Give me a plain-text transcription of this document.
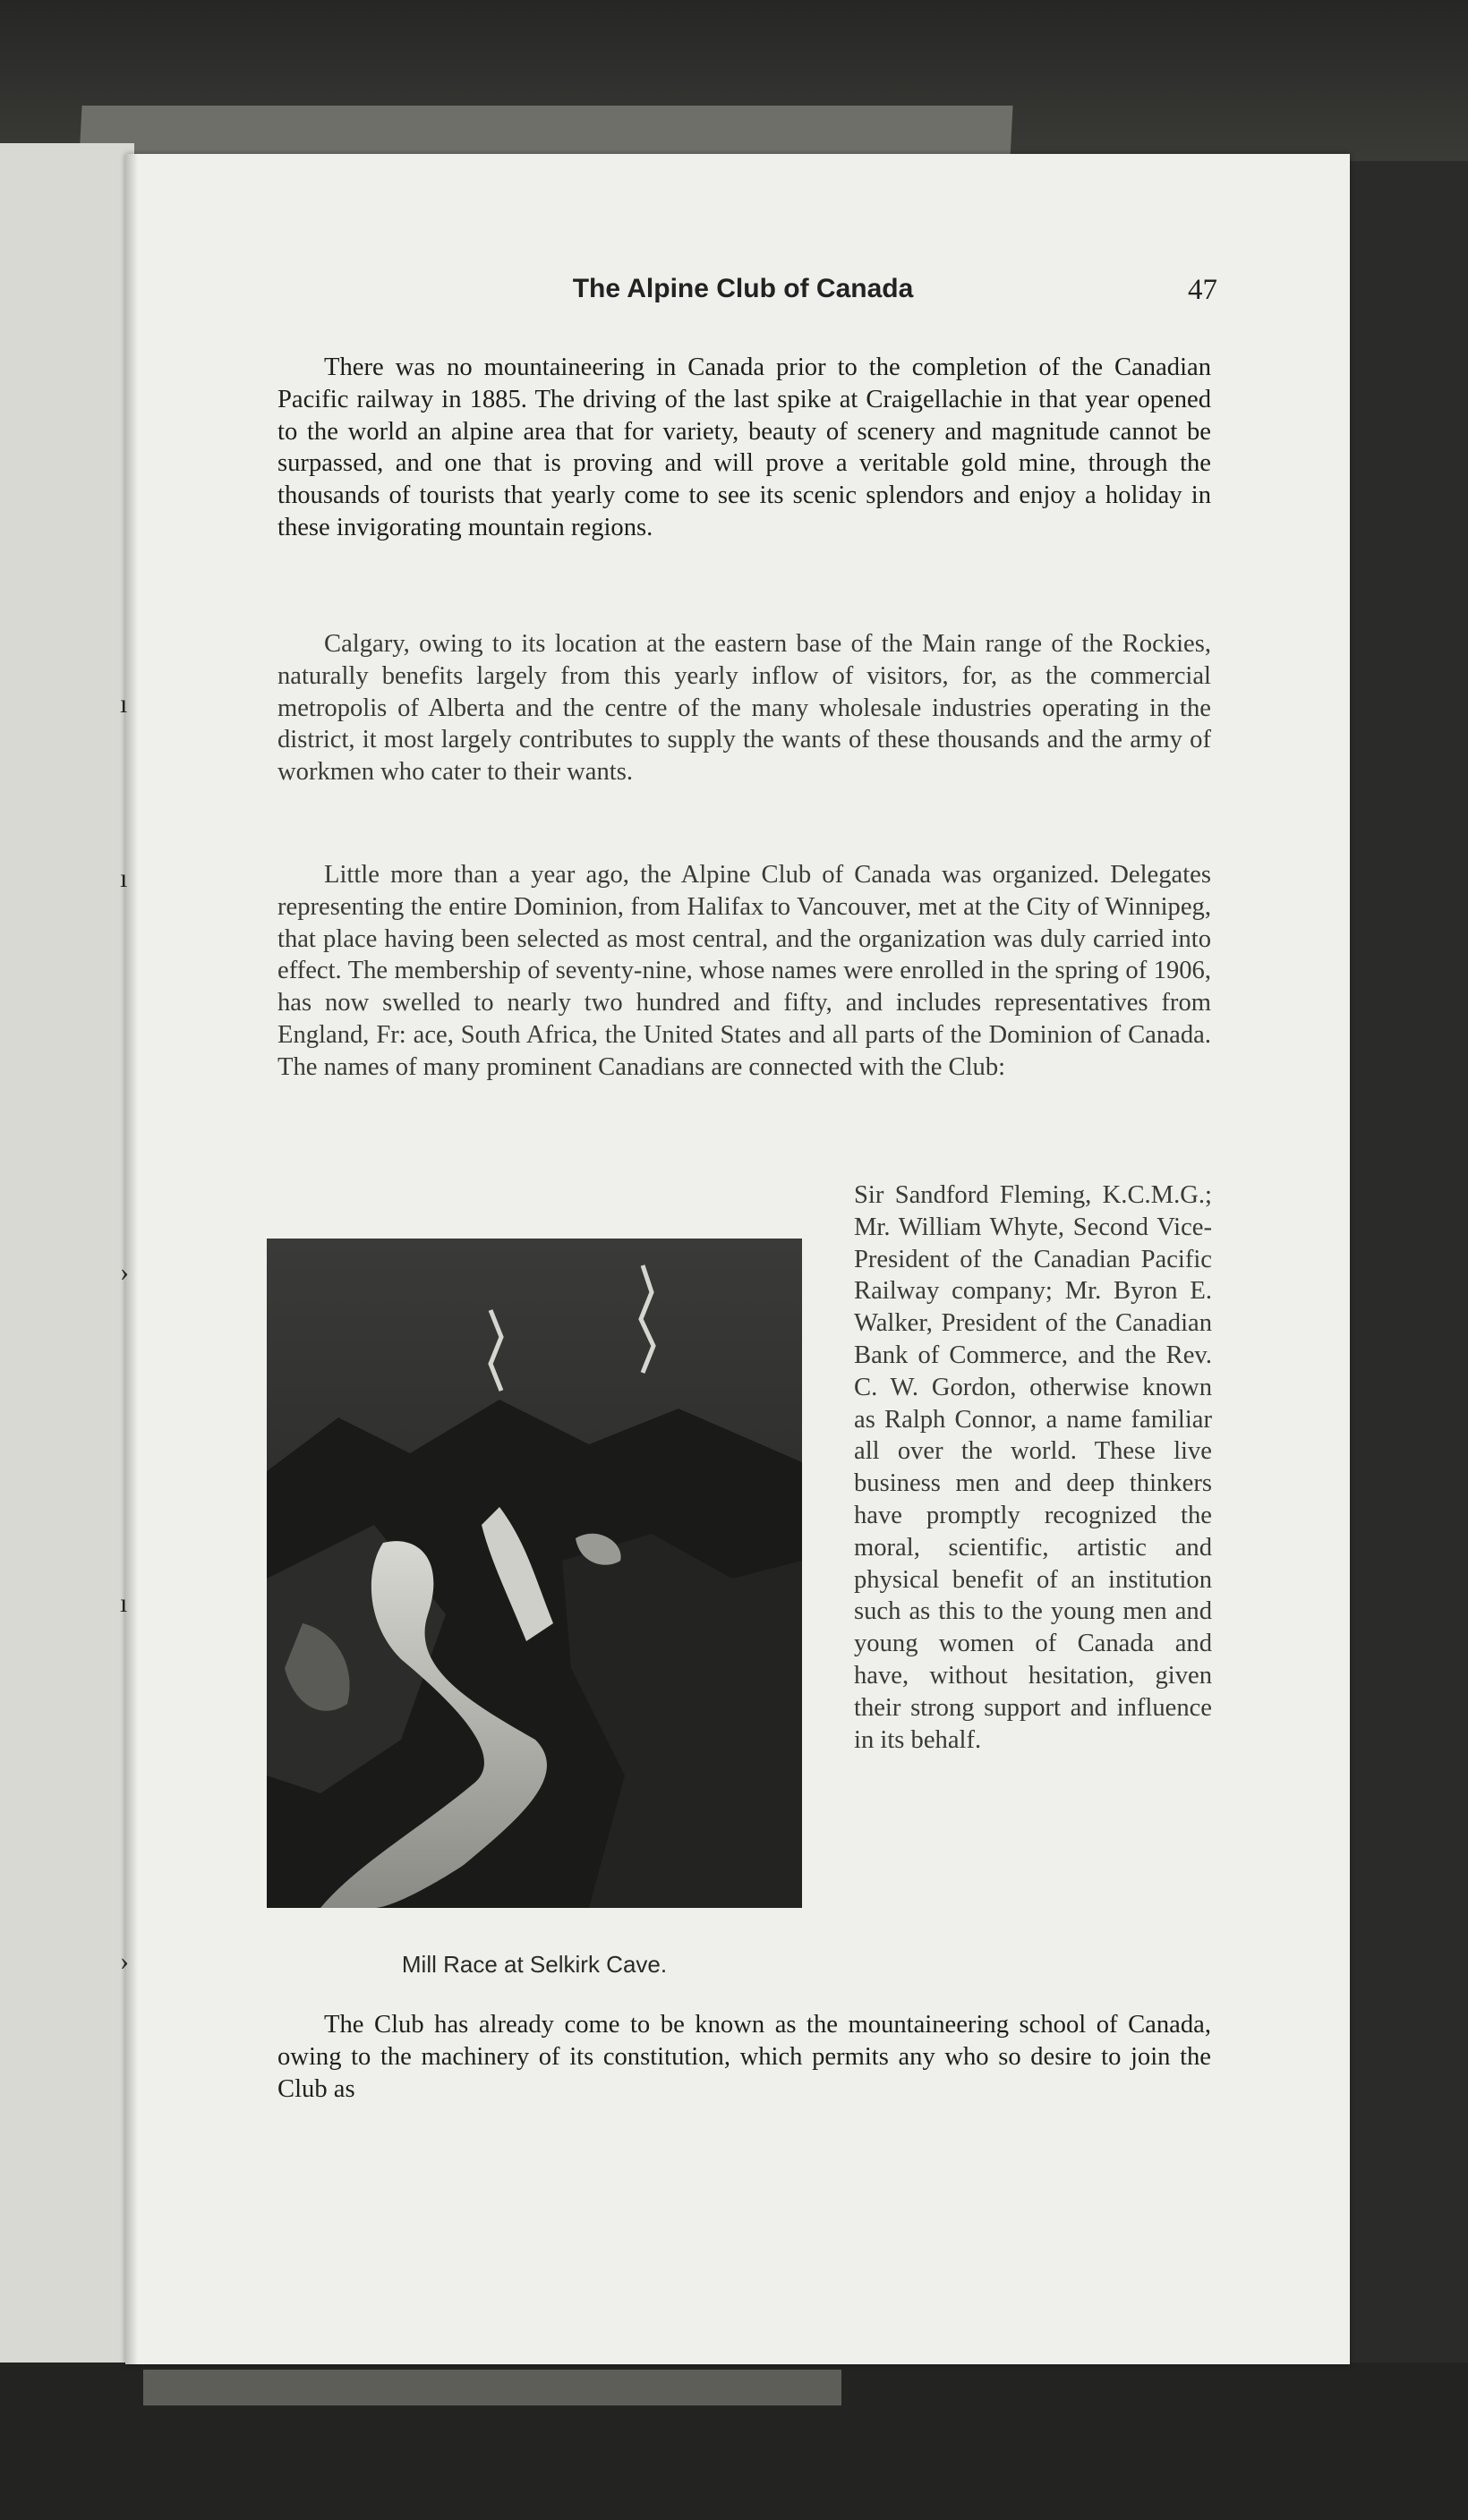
ı
ı
›
ı
›
The Alpine Club of Canada	47

There was no mountaineering in Canada prior to the completion of the Canadian Pacific railway in 1885. The driving of the last spike at Craigellachie in that year opened to the world an alpine area that for variety, beauty of scenery and magnitude cannot be surpassed, and one that is proving and will prove a veritable gold mine, through the thousands of tourists that yearly come to see its scenic splendors and enjoy a holiday in these invigorating mountain regions.

Calgary, owing to its location at the eastern base of the Main range of the Rockies, naturally benefits largely from this yearly inflow of visitors, for, as the commercial metropolis of Alberta and the centre of the many wholesale industries operating in the district, it most largely contributes to supply the wants of these thousands and the army of workmen who cater to their wants.

Little more than a year ago, the Alpine Club of Canada was organized. Delegates representing the entire Dominion, from Halifax to Vancouver, met at the City of Winnipeg, that place having been selected as most central, and the organization was duly carried into effect. The membership of seventy-nine, whose names were enrolled in the spring of 1906, has now swelled to nearly two hundred and fifty, and includes representatives from England, Fr: ace, South Africa, the United States and all parts of the Dominion of Canada. The names of many prominent Canadians are connected with the Club:

Mill Race at Selkirk Cave.

Sir Sandford Fleming, K.C.M.G.; Mr. William Whyte, Second Vice-President of the Canadian Pacific Railway company; Mr. Byron E. Walker, President of the Canadian Bank of Commerce, and the Rev. C. W. Gordon, otherwise known as Ralph Connor, a name familiar all over the world. These live business men and deep thinkers have promptly recognized the moral, scientific, artistic and physical benefit of an institution such as this to the young men and young women of Canada and have, without hesitation, given their strong support and influence in its behalf.

The Club has already come to be known as the mountaineering school of Canada, owing to the machinery of its constitution, which permits any who so desire to join the Club as
